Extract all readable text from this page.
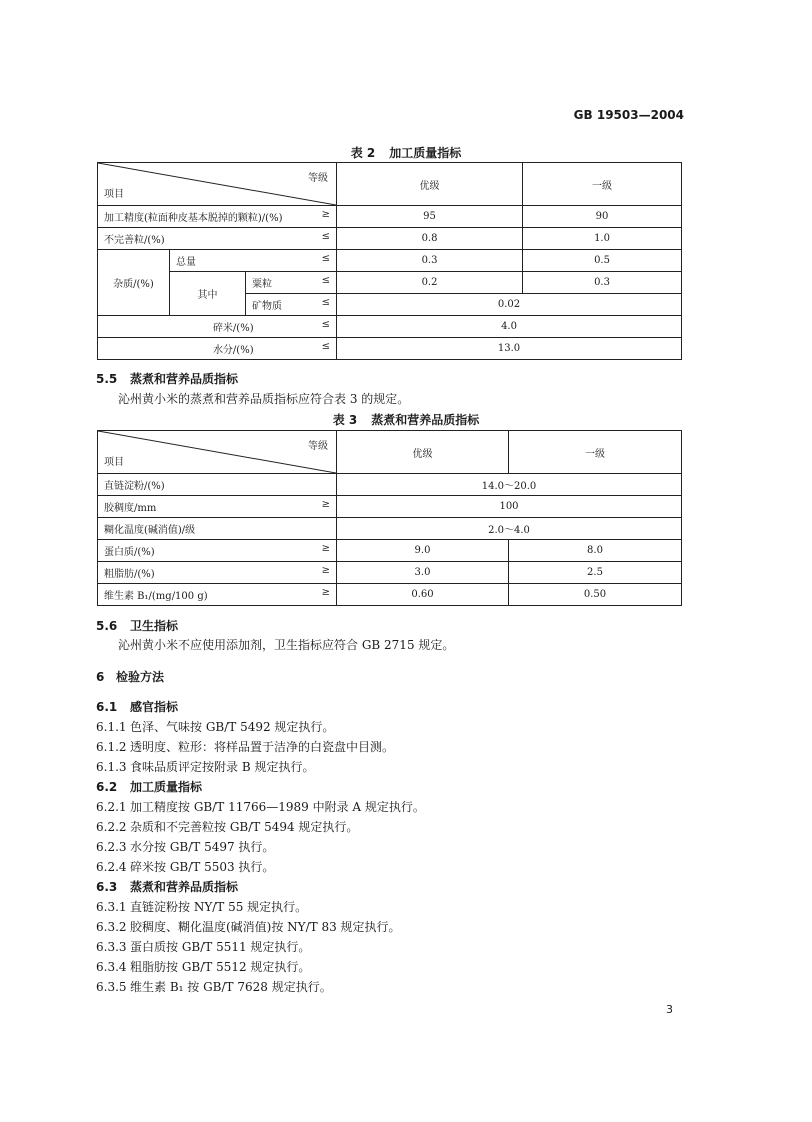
GB 19503—2004
表 2 加工质量指标
等级
项目			优级	一级

加工精度(粒面种皮基本脱掉的颗粒)/(%) ≥			95	90

不完善粒/(%) ≤			0.8	1.0
杂质/(%)	总量 ≤		0.3	0.5
	其中	粟粒 ≤	0.2	0.3

		矿物质 ≤	0.02	

碎米/(%) ≤			4.0	

水分/(%) ≤			13.0	
5.5 蒸煮和营养品质指标
沁州黄小米的蒸煮和营养品质指标应符合表 3 的规定。
表 3 蒸煮和营养品质指标
等级
项目	优级	一级
直链淀粉/(%)	14.0～20.0	

胶稠度/mm ≥	100	
糊化温度(碱消值)/级	2.0～4.0	

蛋白质/(%) ≥	9.0	8.0

粗脂肪/(%) ≥	3.0	2.5

维生素 B₁/(mg/100 g) ≥	0.60	0.50
5.6 卫生指标
沁州黄小米不应使用添加剂，卫生指标应符合 GB 2715 规定。
6 检验方法
6.1 感官指标
6.1.1 色泽、气味按 GB/T 5492 规定执行。
6.1.2 透明度、粒形：将样品置于洁净的白瓷盘中目测。
6.1.3 食味品质评定按附录 B 规定执行。
6.2 加工质量指标
6.2.1 加工精度按 GB/T 11766—1989 中附录 A 规定执行。
6.2.2 杂质和不完善粒按 GB/T 5494 规定执行。
6.2.3 水分按 GB/T 5497 执行。
6.2.4 碎米按 GB/T 5503 执行。
6.3 蒸煮和营养品质指标
6.3.1 直链淀粉按 NY/T 55 规定执行。
6.3.2 胶稠度、糊化温度(碱消值)按 NY/T 83 规定执行。
6.3.3 蛋白质按 GB/T 5511 规定执行。
6.3.4 粗脂肪按 GB/T 5512 规定执行。
6.3.5 维生素 B₁ 按 GB/T 7628 规定执行。
3
